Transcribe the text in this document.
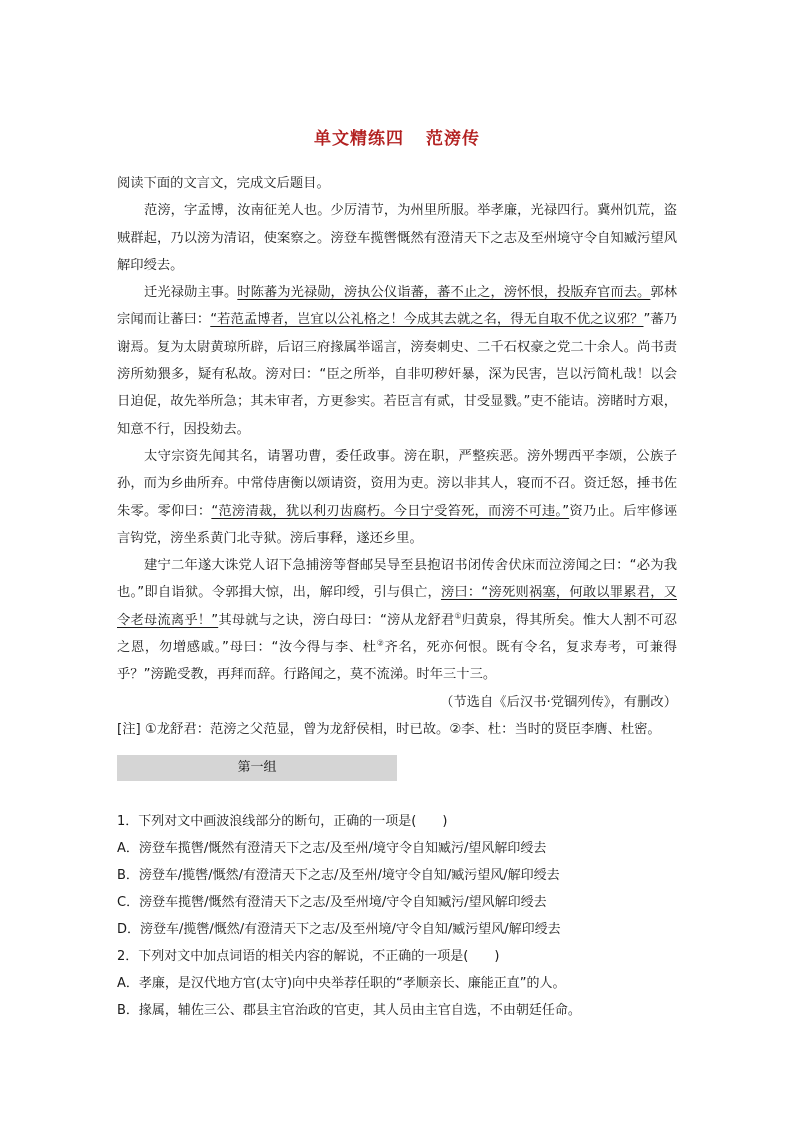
单文精练四 范滂传

阅读下面的文言文，完成文后题目。

范滂，字孟博，汝南征羌人也。少厉清节，为州里所服。举孝廉，光禄四行。冀州饥荒，盗贼群起，乃以滂为清诏，使案察之。滂登车揽辔慨然有澄清天下之志及至州境守令自知臧污望风解印绶去。

迁光禄勋主事。时陈蕃为光禄勋，滂执公仪诣蕃，蕃不止之，滂怀恨，投版弃官而去。郭林宗闻而让蕃曰：“若范孟博者，岂宜以公礼格之！今成其去就之名，得无自取不优之议邪？”蕃乃谢焉。复为太尉黄琼所辟，后诏三府掾属举谣言，滂奏刺史、二千石权豪之党二十余人。尚书责滂所劾猥多，疑有私故。滂对曰：“臣之所举，自非叨秽奸暴，深为民害，岂以污简札哉！以会日迫促，故先举所急；其未审者，方更参实。若臣言有贰，甘受显戮。”吏不能诘。滂睹时方艰，知意不行，因投劾去。

太守宗资先闻其名，请署功曹，委任政事。滂在职，严整疾恶。滂外甥西平李颂，公族子孙，而为乡曲所弃。中常侍唐衡以颂请资，资用为吏。滂以非其人，寝而不召。资迁怒，捶书佐朱零。零仰曰：“范滂清裁，犹以利刃齿腐朽。今日宁受笞死，而滂不可违。”资乃止。后牢修诬言钩党，滂坐系黄门北寺狱。滂后事释，遂还乡里。

建宁二年遂大诛党人诏下急捕滂等督邮吴导至县抱诏书闭传舍伏床而泣滂闻之曰：“必为我也。”即自诣狱。令郭揖大惊，出，解印绶，引与俱亡，滂曰：“滂死则祸塞，何敢以罪累君，又令老母流离乎！”其母就与之诀，滂白母曰：“滂从龙舒君①归黄泉，得其所矣。惟大人割不可忍之恩，勿增感戚。”母曰：“汝今得与李、杜②齐名，死亦何恨。既有令名，复求寿考，可兼得乎？”滂跪受教，再拜而辞。行路闻之，莫不流涕。时年三十三。

（节选自《后汉书·党锢列传》，有删改）

[注] ①龙舒君：范滂之父范显，曾为龙舒侯相，时已故。②李、杜：当时的贤臣李膺、杜密。

第一组

1．下列对文中画波浪线部分的断句，正确的一项是(　　)

A．滂登车揽辔/慨然有澄清天下之志/及至州/境守令自知臧污/望风解印绶去

B．滂登车/揽辔/慨然/有澄清天下之志/及至州/境守令自知/臧污望风/解印绶去

C．滂登车揽辔/慨然有澄清天下之志/及至州境/守令自知臧污/望风解印绶去

D．滂登车/揽辔/慨然/有澄清天下之志/及至州境/守令自知/臧污望风/解印绶去

2．下列对文中加点词语的相关内容的解说，不正确的一项是(　　)

A．孝廉，是汉代地方官(太守)向中央举荐任职的“孝顺亲长、廉能正直”的人。

B．掾属，辅佐三公、郡县主官治政的官吏，其人员由主官自选，不由朝廷任命。
